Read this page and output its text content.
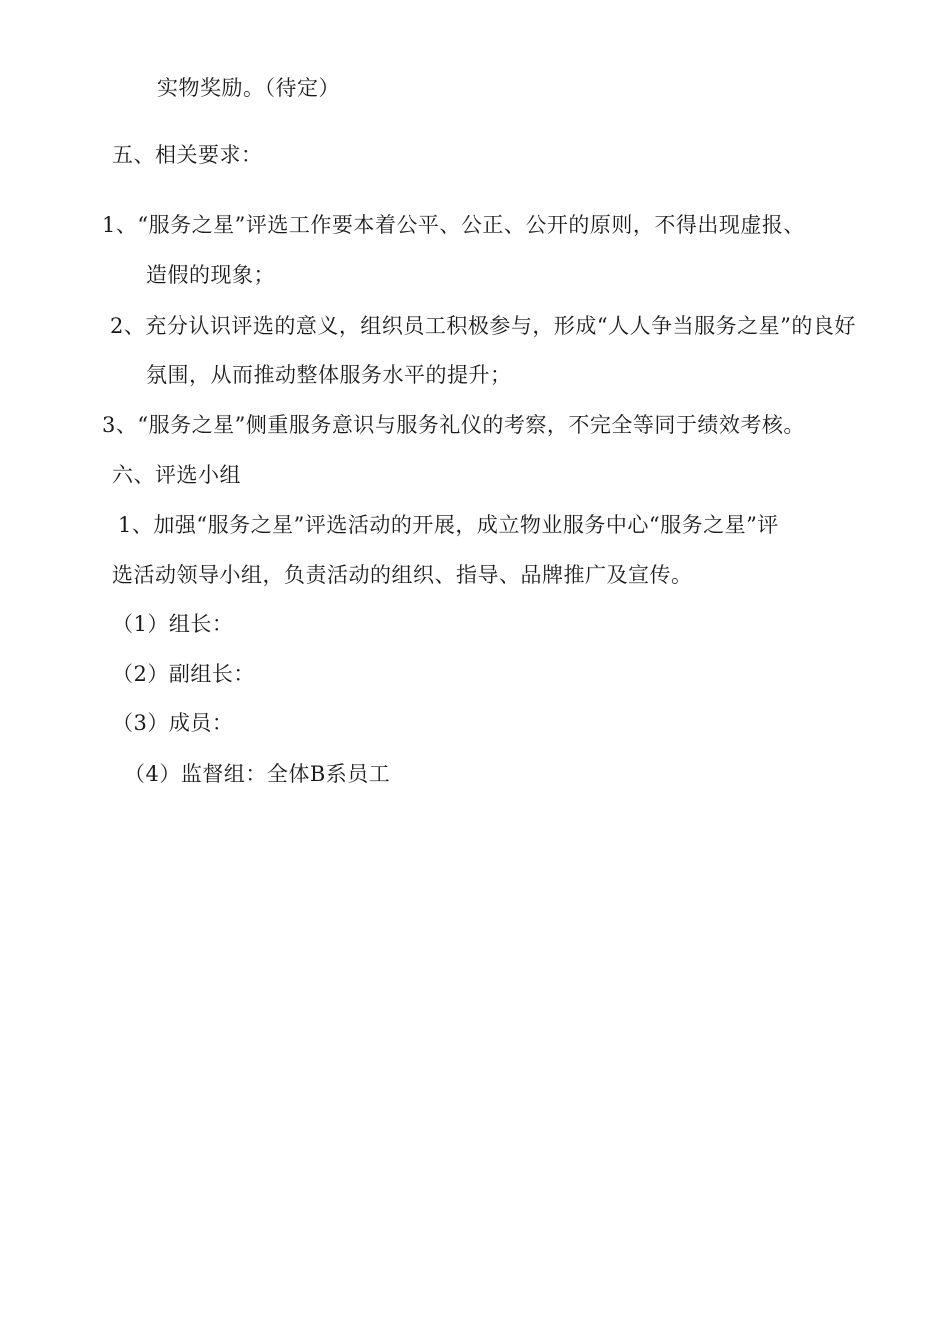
实物奖励。（待定）
五、相关要求：
1、“服务之星”评选工作要本着公平、公正、公开的原则，不得出现虚报、
造假的现象；
2、充分认识评选的意义，组织员工积极参与，形成“人人争当服务之星”的良好
氛围，从而推动整体服务水平的提升；
3、“服务之星”侧重服务意识与服务礼仪的考察，不完全等同于绩效考核。
六、评选小组
1、加强“服务之星”评选活动的开展，成立物业服务中心“服务之星”评
选活动领导小组，负责活动的组织、指导、品牌推广及宣传。
（1）组长：
（2）副组长：
（3）成员：
（4）监督组：全体B系员工
